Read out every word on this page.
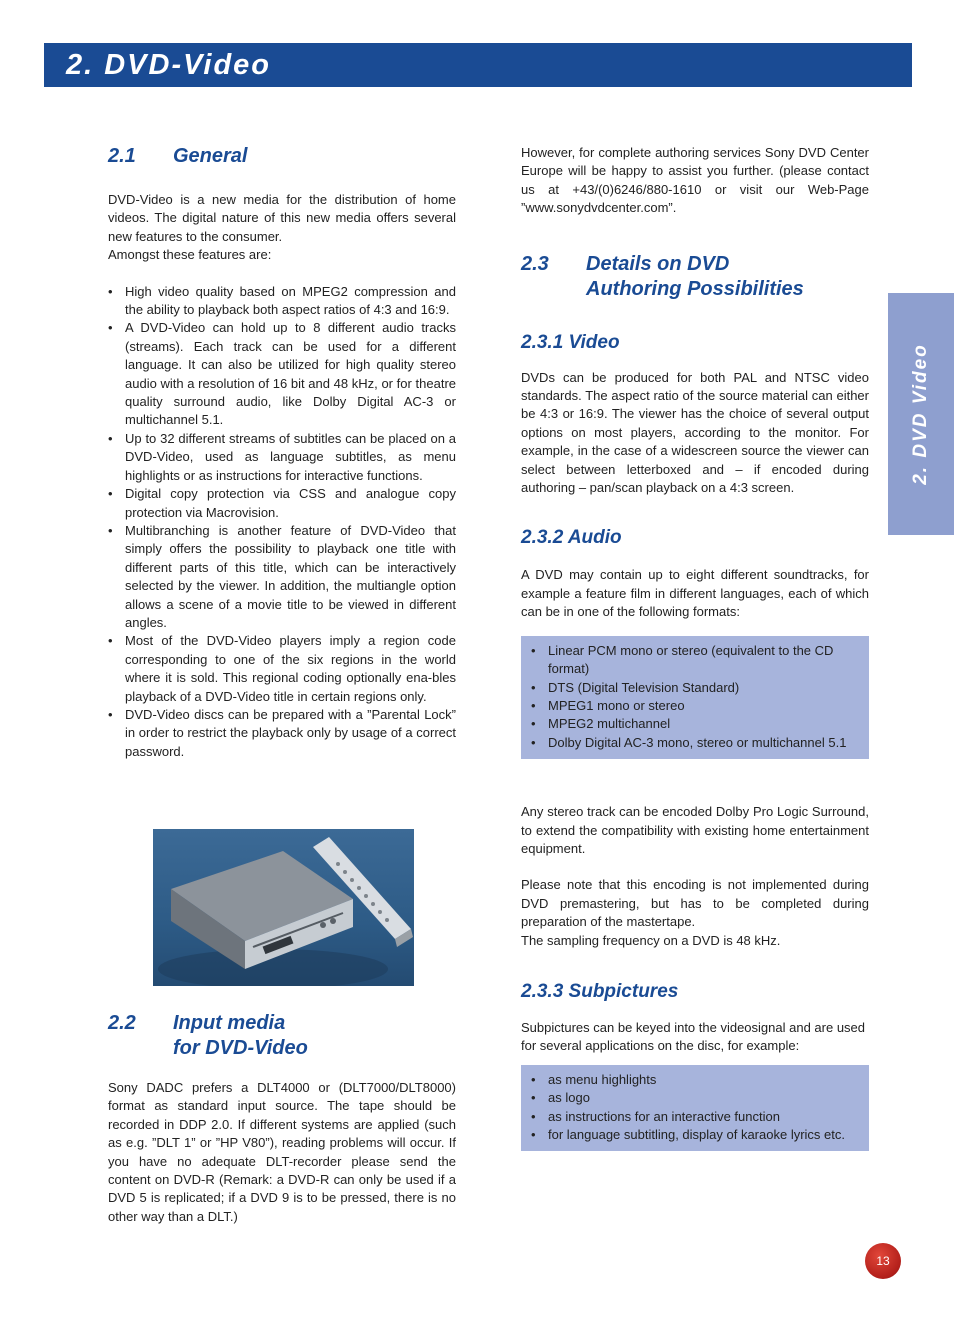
2. DVD-Video
2. DVD Video
2.1 General

DVD-Video is a new media for the distribution of home videos. The digital nature of this new media offers several new features to the consumer.

Amongst these features are:

• High video quality based on MPEG2 compression and the ability to playback both aspect ratios of 4:3 and 16:9.
• A DVD-Video can hold up to 8 different audio tracks (streams). Each track can be used for a different language. It can also be utilized for high quality stereo audio with a resolution of 16 bit and 48 kHz, or for theatre quality surround audio, like Dolby Digital AC-3 or multichannel 5.1.
• Up to 32 different streams of subtitles can be placed on a DVD-Video, used as language subtitles, as menu highlights or as instructions for interactive functions.
• Digital copy protection via CSS and analogue copy protection via Macrovision.
• Multibranching is another feature of DVD-Video that simply offers the possibility to playback one title with different parts of this title, which can be interactively selected by the viewer. In addition, the multiangle option allows a scene of a movie title to be viewed in different angles.
• Most of the DVD-Video players imply a region code corresponding to one of the six regions in the world where it is sold. This regional coding optionally ena-bles playback of a DVD-Video title in certain regions only.
• DVD-Video discs can be prepared with a ”Parental Lock” in order to restrict the playback only by usage of a correct password.
2.2 Input media
for DVD-Video

Sony DADC prefers a DLT4000 or (DLT7000/DLT8000) format as standard input source. The tape should be recorded in DDP 2.0. If different systems are applied (such as e.g. ”DLT 1” or ”HP V80”), reading problems will occur. If you have no adequate DLT-recorder please send the content on DVD-R (Remark: a DVD-R can only be used if a DVD 5 is replicated; if a DVD 9 is to be pressed, there is no other way than a DLT.)

However, for complete authoring services Sony DVD Center Europe will be happy to assist you further. (please contact us at +43/(0)6246/880-1610 or visit our Web-Page ”www.sonydvdcenter.com”.

2.3 Details on DVD
Authoring Possibilities
2.3.1 Video

DVDs can be produced for both PAL and NTSC video standards. The aspect ratio of the source material can either be 4:3 or 16:9. The viewer has the choice of several output options on most players, according to the monitor. For example, in the case of a widescreen source the viewer can select between letterboxed and – if encoded during authoring – pan/scan playback on a 4:3 screen.

2.3.2 Audio

A DVD may contain up to eight different soundtracks, for example a feature film in different languages, each of which can be in one of the following formats:

• Linear PCM mono or stereo (equivalent to the CD format)
• DTS (Digital Television Standard)
• MPEG1 mono or stereo
• MPEG2 multichannel
• Dolby Digital AC-3 mono, stereo or multichannel 5.1

Any stereo track can be encoded Dolby Pro Logic Surround, to extend the compatibility with existing home entertainment equipment.

Please note that this encoding is not implemented during DVD premastering, but has to be completed during preparation of the mastertape.

The sampling frequency on a DVD is 48 kHz.

2.3.3 Subpictures

Subpictures can be keyed into the videosignal and are used for several applications on the disc, for example:

• as menu highlights
• as logo
• as instructions for an interactive function
• for language subtitling, display of karaoke lyrics etc.
13
